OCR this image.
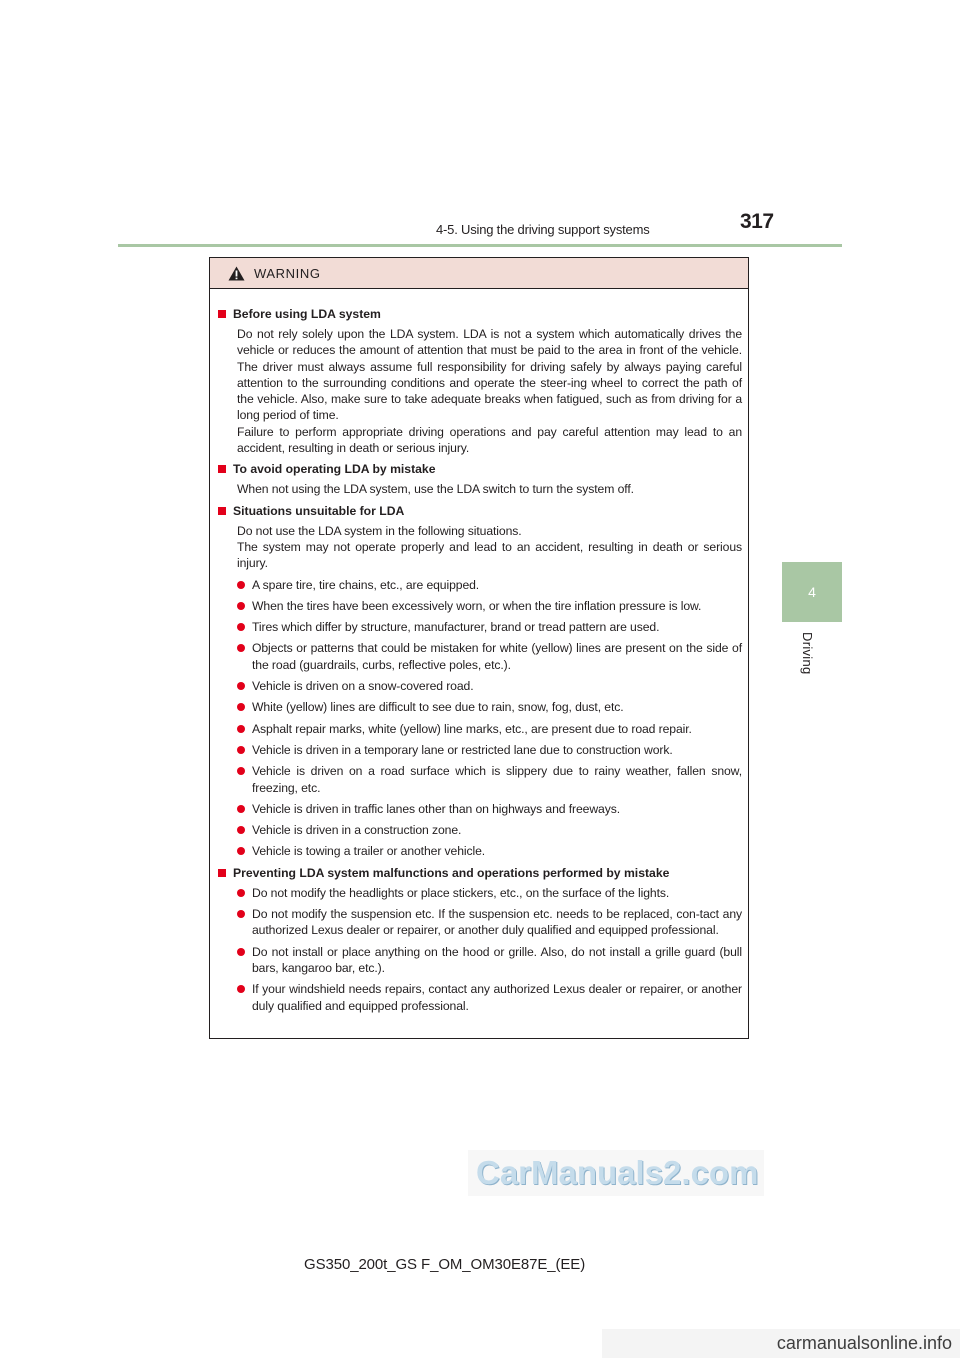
4-5. Using the driving support systems	317
4
Driving
WARNING
Before using LDA system
Do not rely solely upon the LDA system. LDA is not a system which automatically drives the vehicle or reduces the amount of attention that must be paid to the area in front of the vehicle. The driver must always assume full responsibility for driving safely by always paying careful attention to the surrounding conditions and operate the steer-ing wheel to correct the path of the vehicle. Also, make sure to take adequate breaks when fatigued, such as from driving for a long period of time.
Failure to perform appropriate driving operations and pay careful attention may lead to an accident, resulting in death or serious injury.
To avoid operating LDA by mistake
When not using the LDA system, use the LDA switch to turn the system off.
Situations unsuitable for LDA
Do not use the LDA system in the following situations.
The system may not operate properly and lead to an accident, resulting in death or serious injury.
A spare tire, tire chains, etc., are equipped.
When the tires have been excessively worn, or when the tire inflation pressure is low.
Tires which differ by structure, manufacturer, brand or tread pattern are used.
Objects or patterns that could be mistaken for white (yellow) lines are present on the side of the road (guardrails, curbs, reflective poles, etc.).
Vehicle is driven on a snow-covered road.
White (yellow) lines are difficult to see due to rain, snow, fog, dust, etc.
Asphalt repair marks, white (yellow) line marks, etc., are present due to road repair.
Vehicle is driven in a temporary lane or restricted lane due to construction work.
Vehicle is driven on a road surface which is slippery due to rainy weather, fallen snow, freezing, etc.
Vehicle is driven in traffic lanes other than on highways and freeways.
Vehicle is driven in a construction zone.
Vehicle is towing a trailer or another vehicle.
Preventing LDA system malfunctions and operations performed by mistake
Do not modify the headlights or place stickers, etc., on the surface of the lights.
Do not modify the suspension etc. If the suspension etc. needs to be replaced, con-tact any authorized Lexus dealer or repairer, or another duly qualified and equipped professional.
Do not install or place anything on the hood or grille. Also, do not install a grille guard (bull bars, kangaroo bar, etc.).
If your windshield needs repairs, contact any authorized Lexus dealer or repairer, or another duly qualified and equipped professional.
CarManuals2.com
GS350_200t_GS F_OM_OM30E87E_(EE)
carmanualsonline.info
